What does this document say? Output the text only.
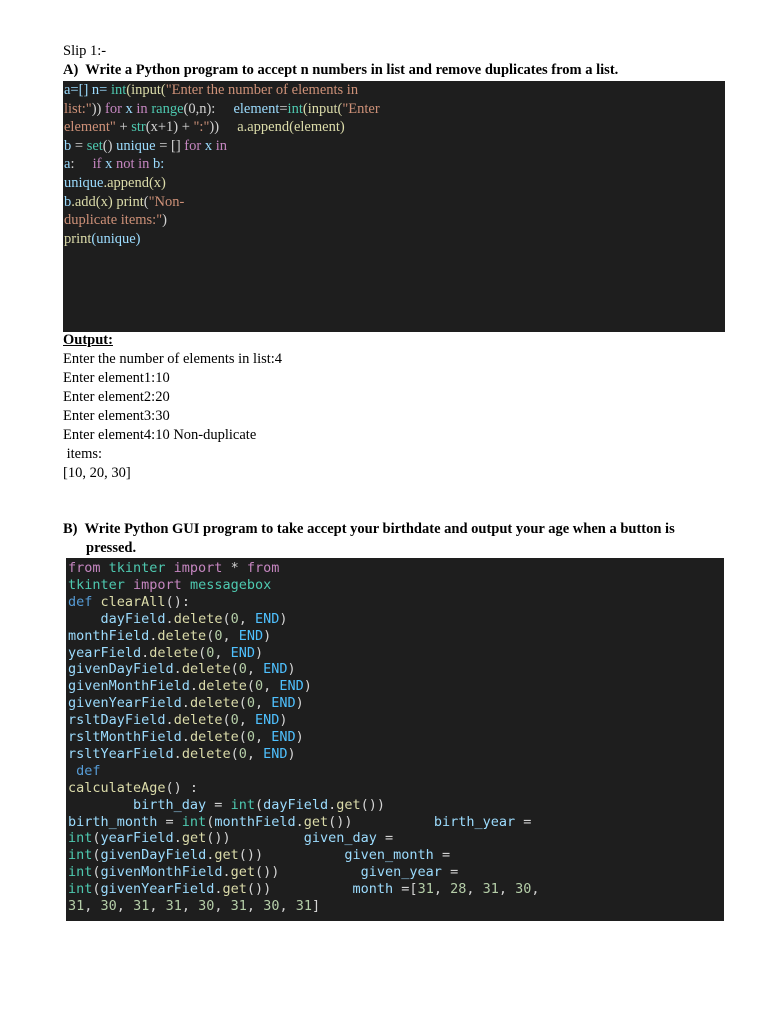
Slip 1:-
A)  Write a Python program to accept n numbers in list and remove duplicates from a list.
Output:
Enter the number of elements in list:4
Enter element1:10
Enter element2:20
Enter element3:30
Enter element4:10 Non-duplicate
items:
[10, 20, 30]
B)  Write Python GUI program to take accept your birthdate and output your age when a button is
pressed.
a=[] n= int(input("Enter the number of elements in
list:")) for x in range(0,n):     element=int(input("Enter
element" + str(x+1) + ":"))     a.append(element)
b = set() unique = [] for x in
a:     if x not in b:
unique.append(x)
b.add(x) print("Non-
duplicate items:")
print(unique)
from tkinter import * from
tkinter import messagebox
def clearAll():
dayField.delete(0, END)
monthField.delete(0, END)
yearField.delete(0, END)
givenDayField.delete(0, END)
givenMonthField.delete(0, END)
givenYearField.delete(0, END)
rsltDayField.delete(0, END)
rsltMonthField.delete(0, END)
rsltYearField.delete(0, END)
def
calculateAge() :
birth_day = int(dayField.get())
birth_month = int(monthField.get())          birth_year =
int(yearField.get())         given_day =
int(givenDayField.get())          given_month =
int(givenMonthField.get())          given_year =
int(givenYearField.get())          month =[31, 28, 31, 30,
31, 30, 31, 31, 30, 31, 30, 31]
